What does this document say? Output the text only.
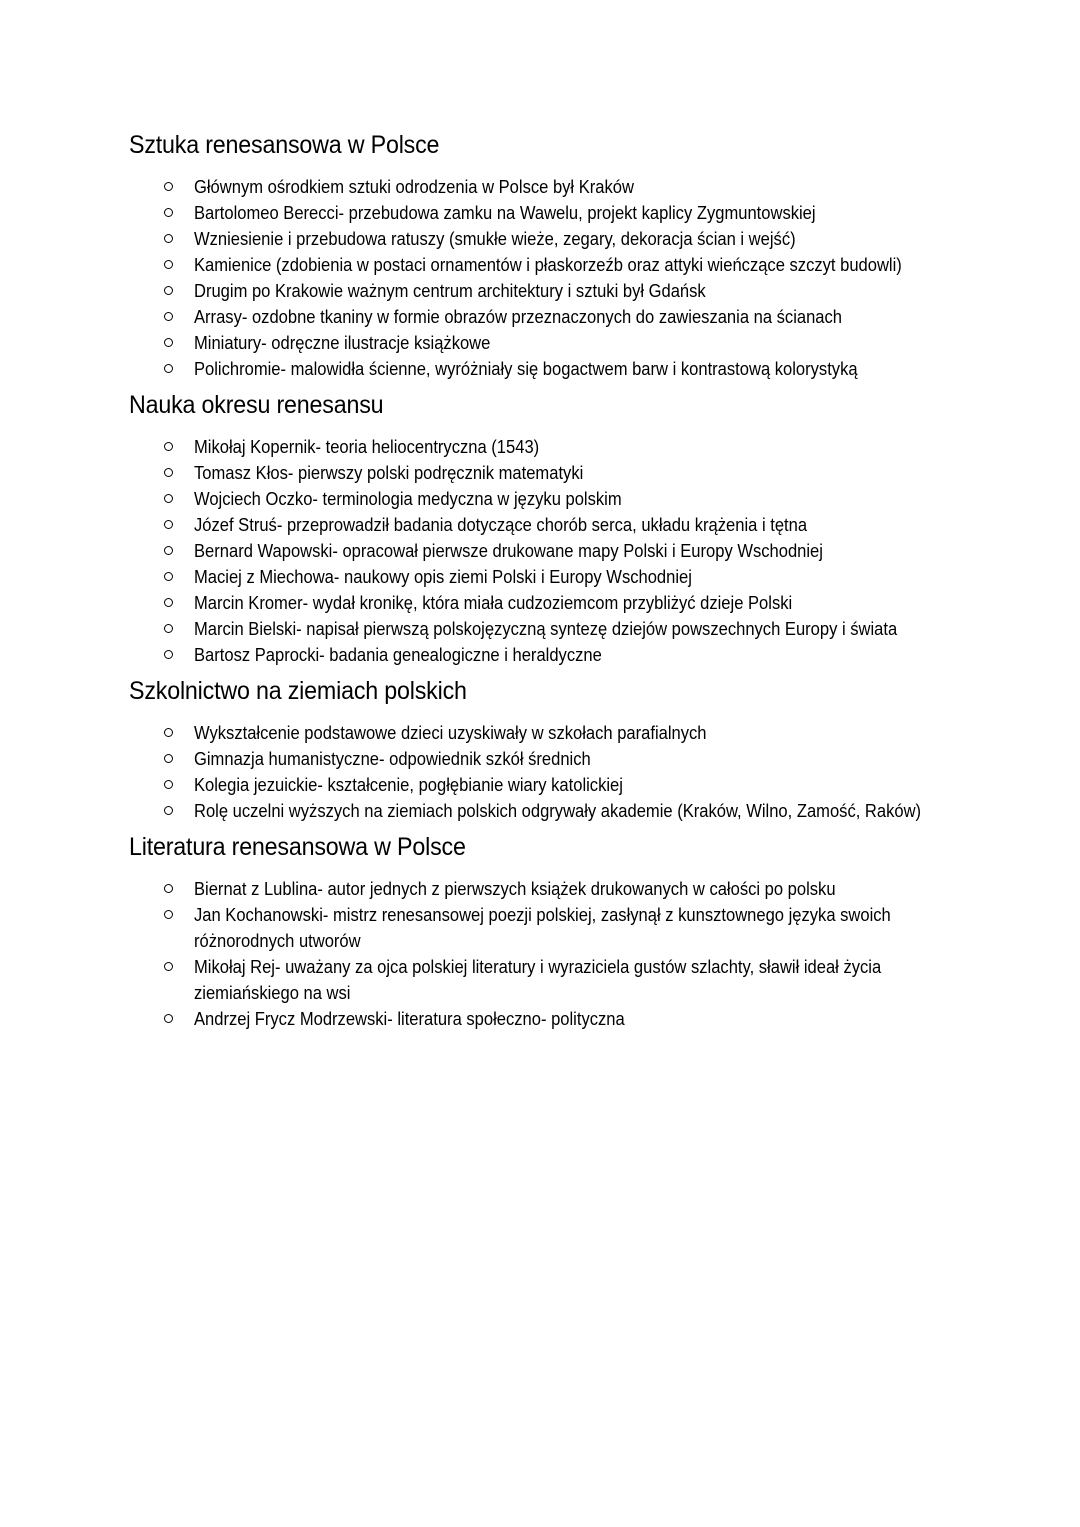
Sztuka renesansowa w Polsce
Głównym ośrodkiem sztuki odrodzenia w Polsce był Kraków
Bartolomeo Berecci- przebudowa zamku na Wawelu, projekt kaplicy Zygmuntowskiej
Wzniesienie i przebudowa ratuszy (smukłe wieże, zegary, dekoracja ścian i wejść)
Kamienice (zdobienia w postaci ornamentów i płaskorzeźb oraz attyki wieńczące szczyt budowli)
Drugim po Krakowie ważnym centrum architektury i sztuki był Gdańsk
Arrasy- ozdobne tkaniny w formie obrazów przeznaczonych do zawieszania na ścianach
Miniatury- odręczne ilustracje książkowe
Polichromie- malowidła ścienne, wyróżniały się bogactwem barw i kontrastową kolorystyką
Nauka okresu renesansu
Mikołaj Kopernik- teoria heliocentryczna (1543)
Tomasz Kłos- pierwszy polski podręcznik matematyki
Wojciech Oczko- terminologia medyczna w języku polskim
Józef Struś- przeprowadził badania dotyczące chorób serca, układu krążenia i tętna
Bernard Wapowski- opracował pierwsze drukowane mapy Polski i Europy Wschodniej
Maciej z Miechowa- naukowy opis ziemi Polski i Europy Wschodniej
Marcin Kromer- wydał kronikę, która miała cudzoziemcom przybliżyć dzieje Polski
Marcin Bielski- napisał pierwszą polskojęzyczną syntezę dziejów powszechnych Europy i świata
Bartosz Paprocki- badania genealogiczne i heraldyczne
Szkolnictwo na ziemiach polskich
Wykształcenie podstawowe dzieci uzyskiwały w szkołach parafialnych
Gimnazja humanistyczne- odpowiednik szkół średnich
Kolegia jezuickie- kształcenie, pogłębianie wiary katolickiej
Rolę uczelni wyższych na ziemiach polskich odgrywały akademie (Kraków, Wilno, Zamość, Raków)
Literatura renesansowa w Polsce
Biernat z Lublina- autor jednych z pierwszych książek drukowanych w całości po polsku
Jan Kochanowski- mistrz renesansowej poezji polskiej, zasłynął z kunsztownego języka swoich różnorodnych utworów
Mikołaj Rej- uważany za ojca polskiej literatury i wyraziciela gustów szlachty, sławił ideał życia ziemiańskiego na wsi
Andrzej Frycz Modrzewski- literatura społeczno- polityczna
